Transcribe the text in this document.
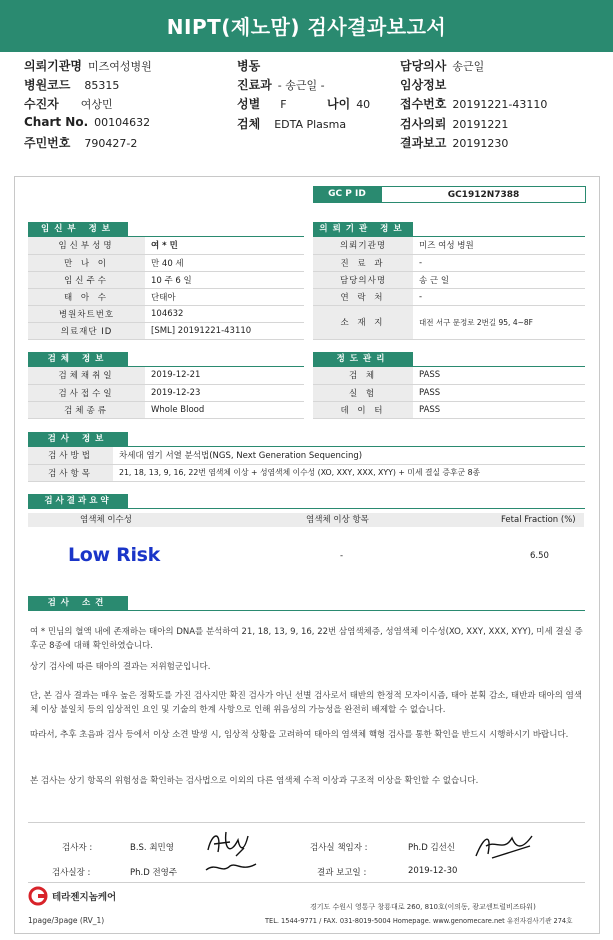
NIPT(제노맘) 검사결과보고서
의뢰기관명 미즈여성병원
병원코드 85315
수진자 여상민
Chart No. 00104632
주민번호 790427-2
병동
진료과 - 송근일 -
성별 F	나이 40
검체 EDTA Plasma
담당의사 송근일
임상정보
접수번호 20191221-43110
검사의뢰 20191221
결과보고 20191230
GC P ID	GC1912N7388
임신부 정보
임신부성명	여 * 민
만 나 이	만 40 세
임신주수	10 주 6 일
태 아 수	단태아
병원차트번호	104632
의료재단 ID	[SML] 20191221-43110
의뢰기관 정보
의뢰기관명	미즈 여성 병원
진 료 과	-
담당의사명	송 근 일
연 락 처	-
소 재 지	대전 서구 문정로 2번길 95, 4~8F
검체 정보
검체채취일	2019-12-21
검사접수일	2019-12-23
검체종류	Whole Blood
정도관리
검 체	PASS
실 험	PASS
데 이 터	PASS
검사 정보
검사방법	차세대 염기 서열 분석법(NGS, Next Generation Sequencing)
검사항목	21, 18, 13, 9, 16, 22번 염색체 이상 + 성염색체 이수성 (XO, XXY, XXX, XYY) + 미세 결실 증후군 8종
검사결과요약
염색체 이수성	염색체 이상 항목	Fetal Fraction (%)
Low Risk	-	6.50
검사 소견
여 * 민님의 혈액 내에 존재하는 태아의 DNA를 분석하여 21, 18, 13, 9, 16, 22번 삼염색체증, 성염색체 이수성(XO, XXY, XXX, XYY), 미세 결실 증후군 8종에 대해 확인하였습니다.
상기 검사에 따른 태아의 결과는 저위험군입니다.
단, 본 검사 결과는 매우 높은 정확도를 가진 검사지만 확진 검사가 아닌 선별 검사로서 태반의 한정적 모자이시즘, 태아 분획 감소, 태반과 태아의 염색체 이상 불일치 등의 임상적인 요인 및 기술의 한계 사항으로 인해 위음성의 가능성을 완전히 배제할 수 없습니다.
따라서, 추후 초음파 검사 등에서 이상 소견 발생 시, 임상적 상황을 고려하여 태아의 염색체 핵형 검사를 통한 확인을 반드시 시행하시기 바랍니다.
본 검사는 상기 항목의 위험성을 확인하는 검사법으로 이외의 다른 염색체 수적 이상과 구조적 이상을 확인할 수 없습니다.
검사자 :	B.S. 최민영
검사실장 :	Ph.D 전영주
검사실 책임자 :	Ph.D 김선신
결과 보고일 :	2019-12-30
테라젠지놈케어
1page/3page (RV_1)
경기도 수원시 영통구 창룡대로 260, 810호(이의동, 광교센트럴비즈타워)
TEL. 1544-9771 / FAX. 031-8019-5004 Homepage. www.genomecare.net 유전자검사기관 274호
